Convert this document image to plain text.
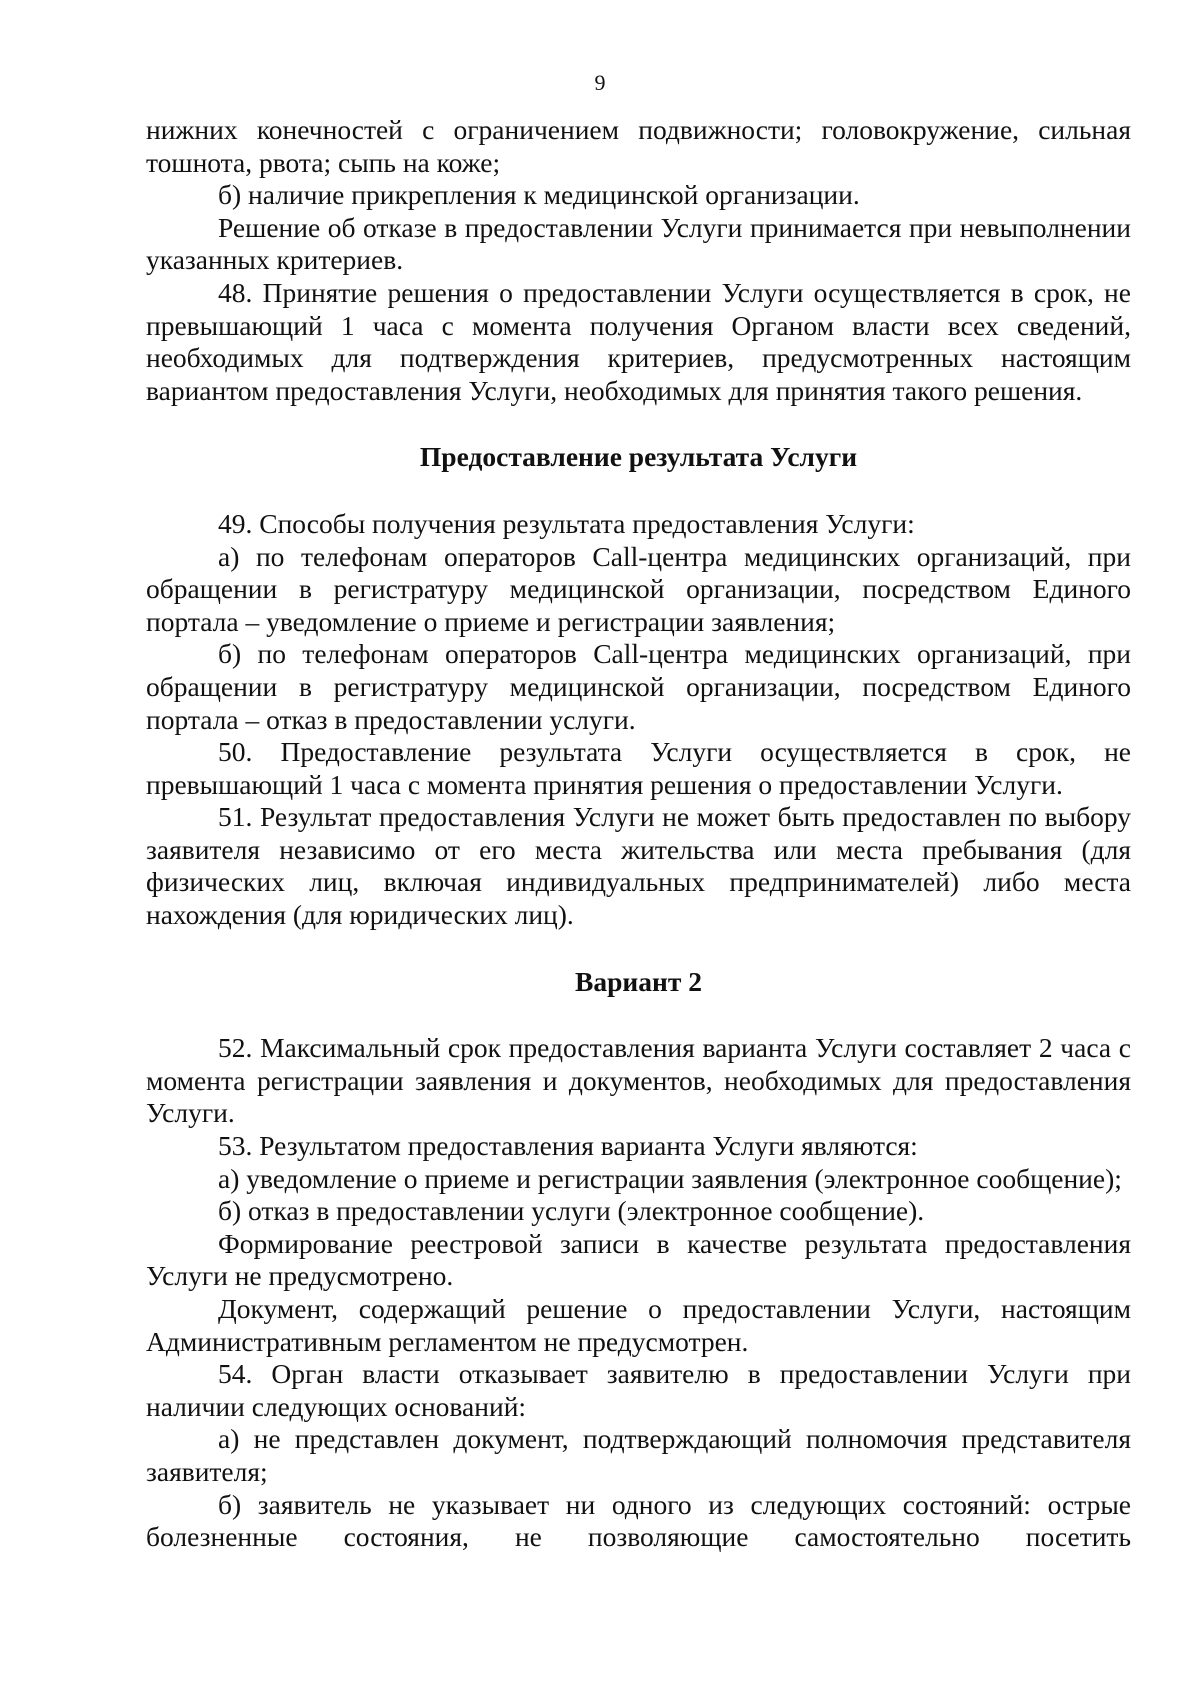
9

нижних конечностей с ограничением подвижности; головокружение, сильная тошнота, рвота; сыпь на коже;

б) наличие прикрепления к медицинской организации.

Решение об отказе в предоставлении Услуги принимается при невыполнении указанных критериев.

48. Принятие решения о предоставлении Услуги осуществляется в срок, не превышающий 1 часа с момента получения Органом власти всех сведений, необходимых для подтверждения критериев, предусмотренных настоящим вариантом предоставления Услуги, необходимых для принятия такого решения.

Предоставление результата Услуги

49. Способы получения результата предоставления Услуги:

а) по телефонам операторов Call-центра медицинских организаций, при обращении в регистратуру медицинской организации, посредством Единого портала – уведомление о приеме и регистрации заявления;

б) по телефонам операторов Call-центра медицинских организаций, при обращении в регистратуру медицинской организации, посредством Единого портала – отказ в предоставлении услуги.

50. Предоставление результата Услуги осуществляется в срок, не превышающий 1 часа с момента принятия решения о предоставлении Услуги.

51. Результат предоставления Услуги не может быть предоставлен по выбору заявителя независимо от его места жительства или места пребывания (для физических лиц, включая индивидуальных предпринимателей) либо места нахождения (для юридических лиц).

Вариант 2

52. Максимальный срок предоставления варианта Услуги составляет 2 часа с момента регистрации заявления и документов, необходимых для предоставления Услуги.

53. Результатом предоставления варианта Услуги являются:

а) уведомление о приеме и регистрации заявления (электронное сообщение);

б) отказ в предоставлении услуги (электронное сообщение).

Формирование реестровой записи в качестве результата предоставления Услуги не предусмотрено.

Документ, содержащий решение о предоставлении Услуги, настоящим Административным регламентом не предусмотрен.

54. Орган власти отказывает заявителю в предоставлении Услуги при наличии следующих оснований:

а) не представлен документ, подтверждающий полномочия представителя заявителя;

б) заявитель не указывает ни одного из следующих состояний: острые болезненные состояния, не позволяющие самостоятельно посетить
